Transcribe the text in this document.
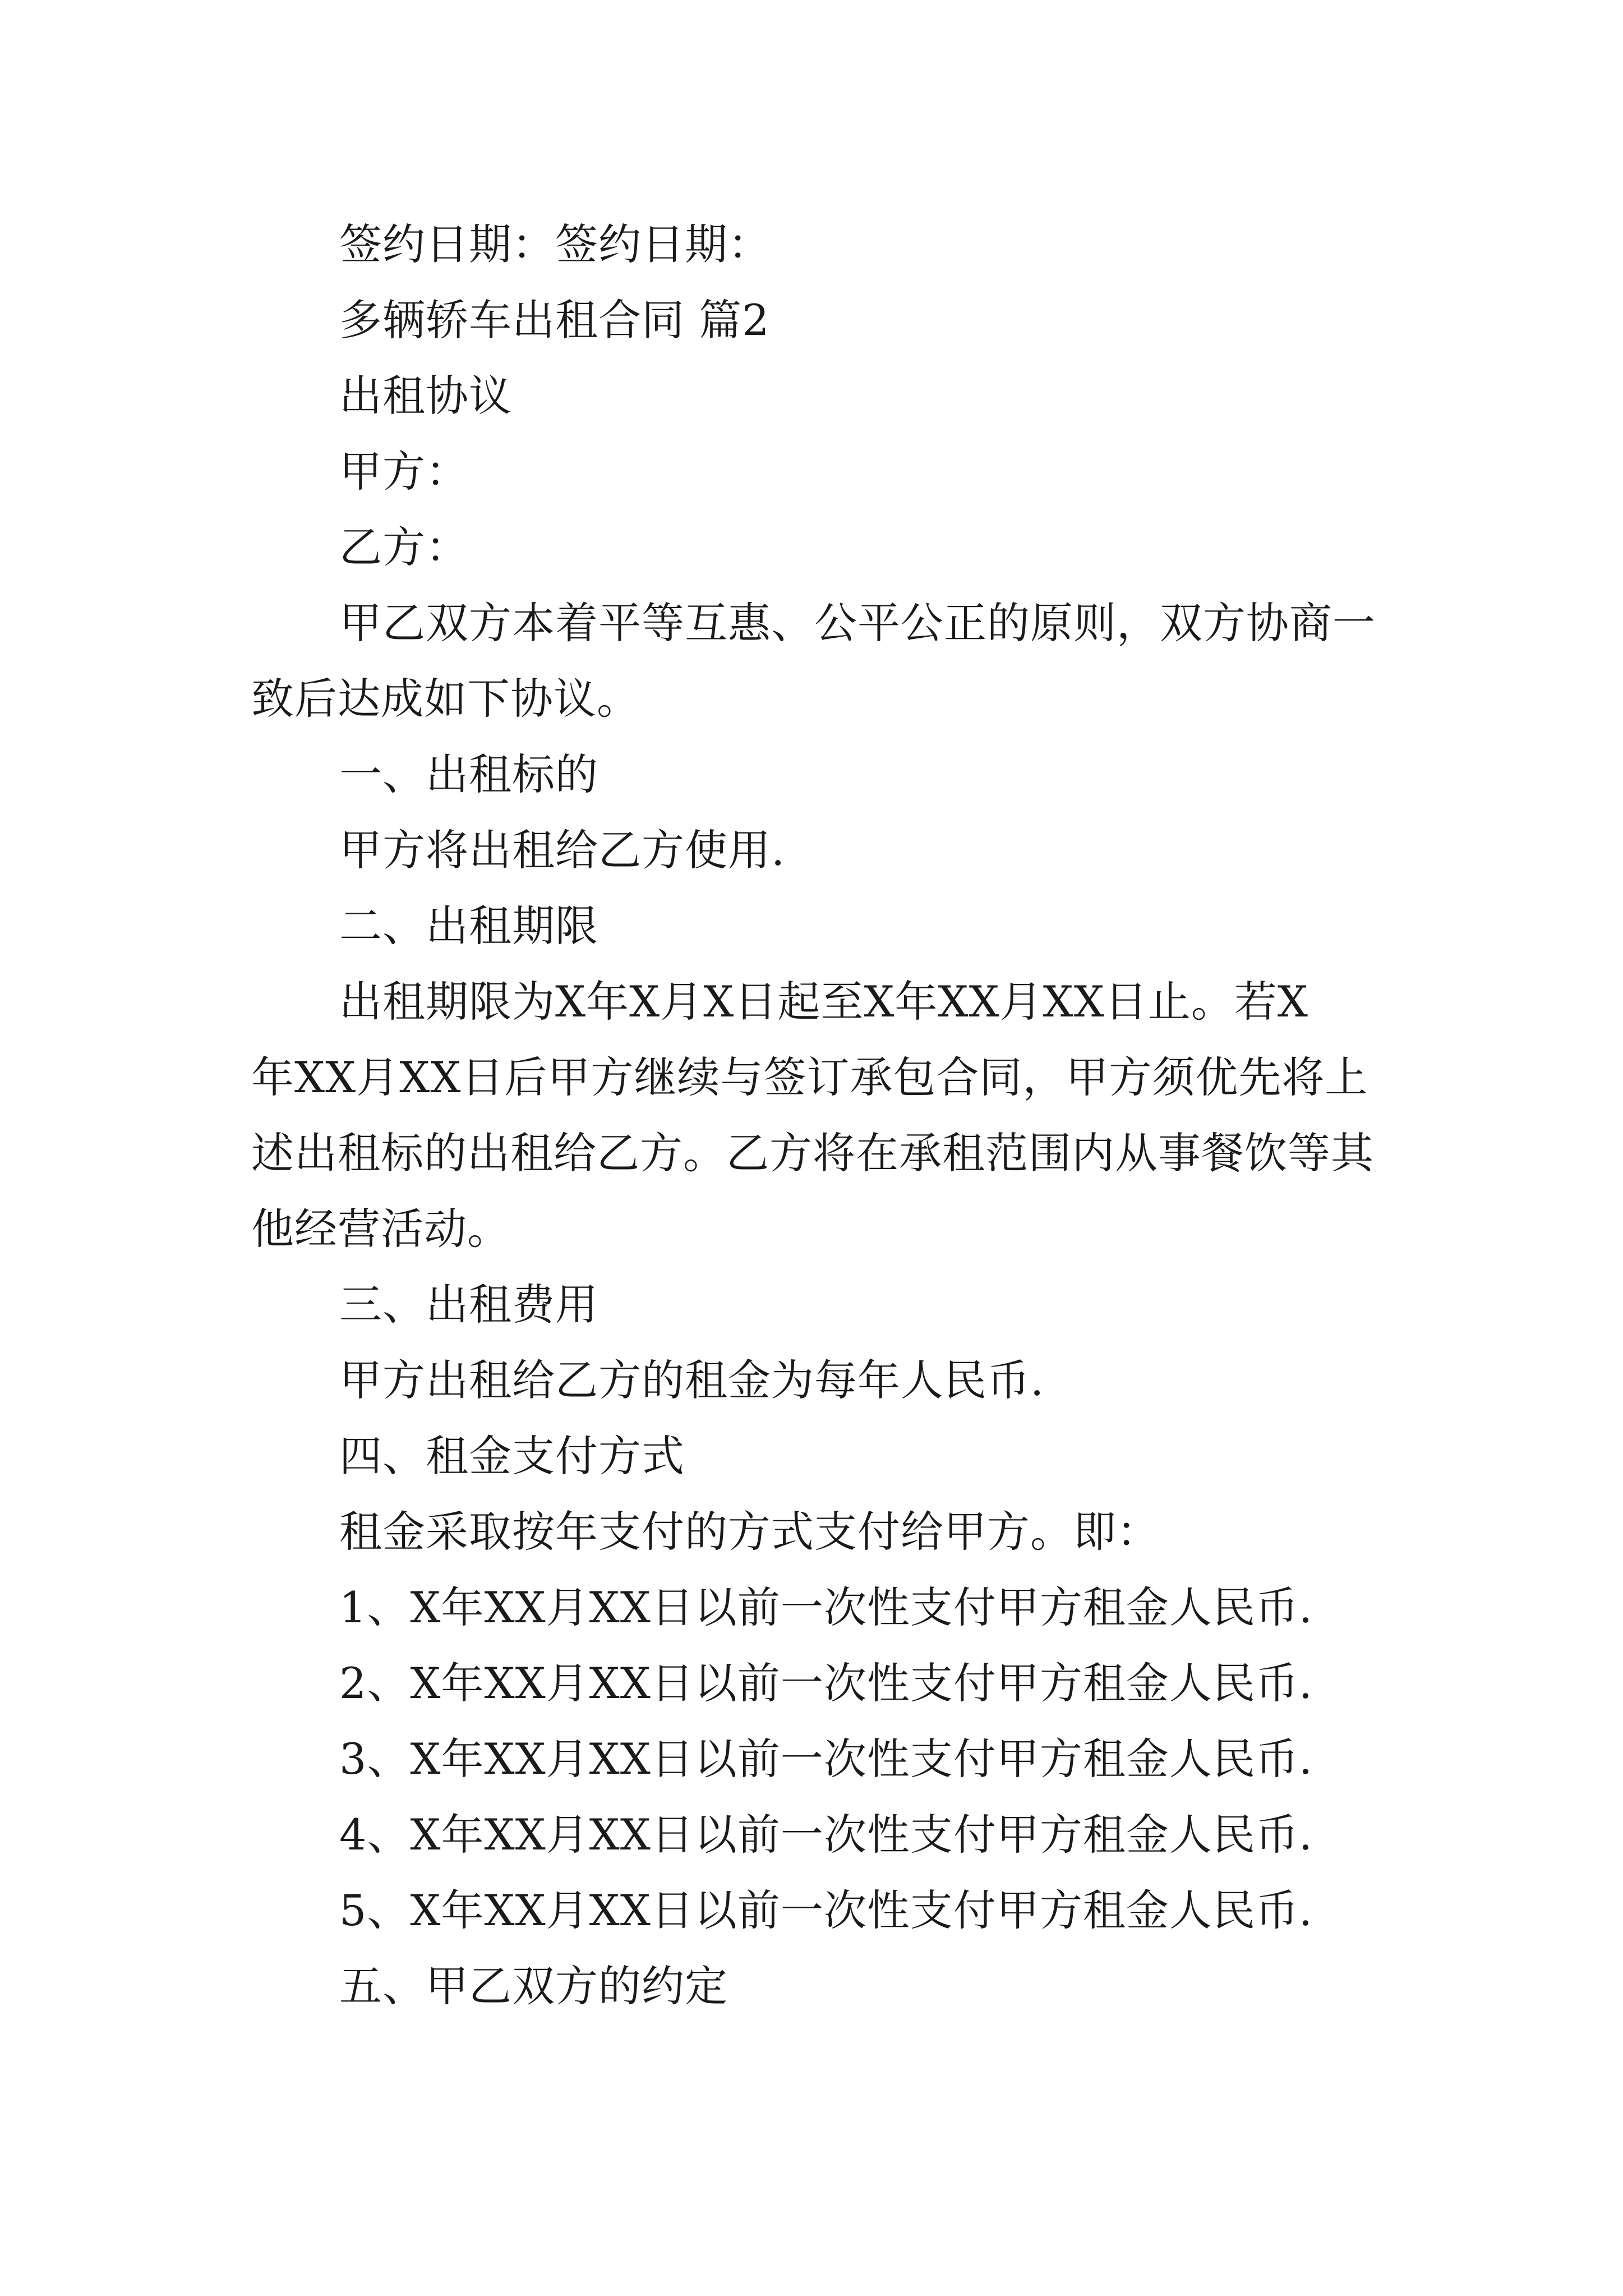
签约日期：签约日期：

多辆轿车出租合同 篇2

出租协议

甲方：

乙方：

甲乙双方本着平等互惠、公平公正的原则，双方协商一

致后达成如下协议。

一、出租标的

甲方将出租给乙方使用.

二、出租期限

出租期限为X年X月X日起至X年XX月XX日止。若X

年XX月XX日后甲方继续与签订承包合同，甲方须优先将上

述出租标的出租给乙方。乙方将在承租范围内从事餐饮等其

他经营活动。

三、出租费用

甲方出租给乙方的租金为每年人民币.

四、租金支付方式

租金采取按年支付的方式支付给甲方。即：

1、X年XX月XX日以前一次性支付甲方租金人民币.

2、X年XX月XX日以前一次性支付甲方租金人民币.

3、X年XX月XX日以前一次性支付甲方租金人民币.

4、X年XX月XX日以前一次性支付甲方租金人民币.

5、X年XX月XX日以前一次性支付甲方租金人民币.

五、甲乙双方的约定
